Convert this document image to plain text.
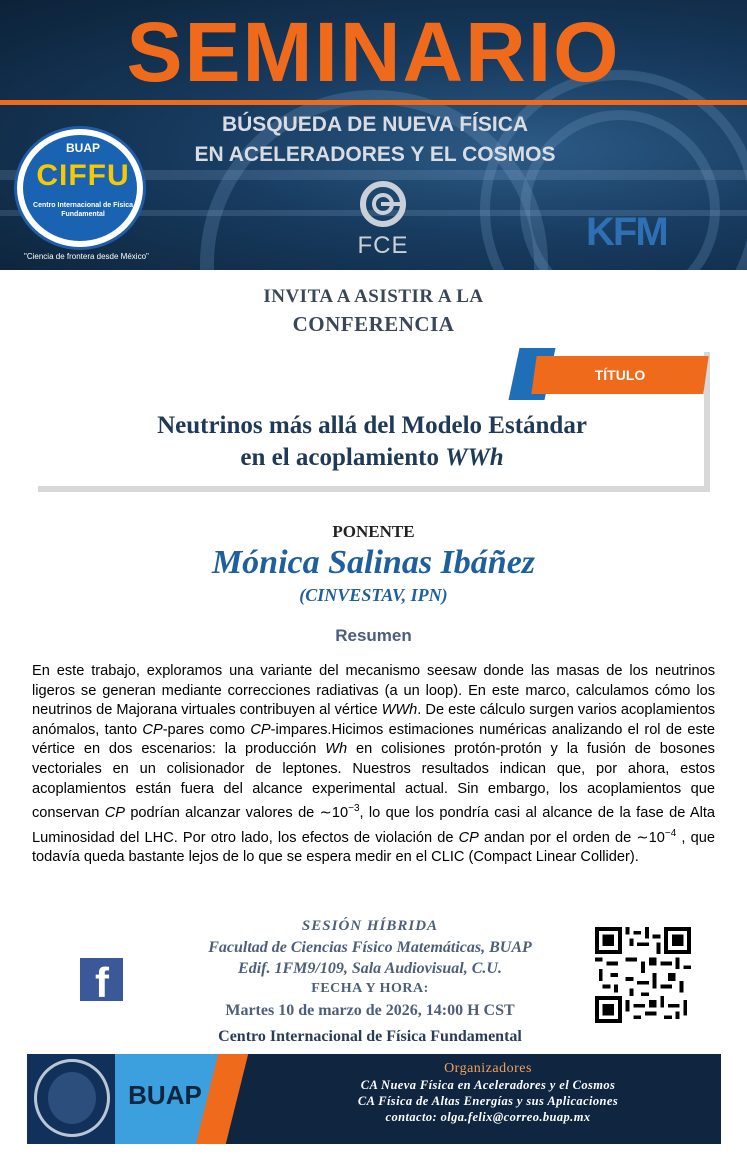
SEMINARIO
BÚSQUEDA DE NUEVA FÍSICA
EN ACELERADORES Y EL COSMOS
BUAP
CIFFU
Centro Internacional de Física Fundamental
"Ciencia de frontera desde México"	FCE	KFM
INVITA A ASISTIR A LA
CONFERENCIA
TÍTULO
Neutrinos más allá del Modelo Estándar
en el acoplamiento WWh
PONENTE
Mónica Salinas Ibáñez
(CINVESTAV, IPN)
Resumen
En este trabajo, exploramos una variante del mecanismo seesaw donde las masas de los neutrinos ligeros se generan mediante correcciones radiativas (a un loop). En este marco, calculamos cómo los neutrinos de Majorana virtuales contribuyen al vértice WWh. De este cálculo surgen varios acoplamientos anómalos, tanto CP-pares como CP-impares.Hicimos estimaciones numéricas analizando el rol de este vértice en dos escenarios: la producción Wh en colisiones protón-protón y la fusión de bosones vectoriales en un colisionador de leptones. Nuestros resultados indican que, por ahora, estos acoplamientos están fuera del alcance experimental actual. Sin embargo, los acoplamientos que conservan CP podrían alcanzar valores de $\sim 10^{-3}$, lo que los pondría casi al alcance de la fase de Alta Luminosidad del LHC. Por otro lado, los efectos de violación de CP andan por el orden de $\sim 10^{-4}$ , que todavía queda bastante lejos de lo que se espera medir en el CLIC (Compact Linear Collider).
SESIÓN HÍBRIDA
Facultad de Ciencias Físico Matemáticas, BUAP
Edif. 1FM9/109, Sala Audiovisual, C.U.
FECHA Y HORA:
Martes 10 de marzo de 2026, 14:00 H CST
Centro Internacional de Física Fundamental
f
BUAP
Organizadores
CA Nueva Física en Aceleradores y el Cosmos
CA Física de Altas Energías y sus Aplicaciones
contacto: olga.felix@correo.buap.mx
